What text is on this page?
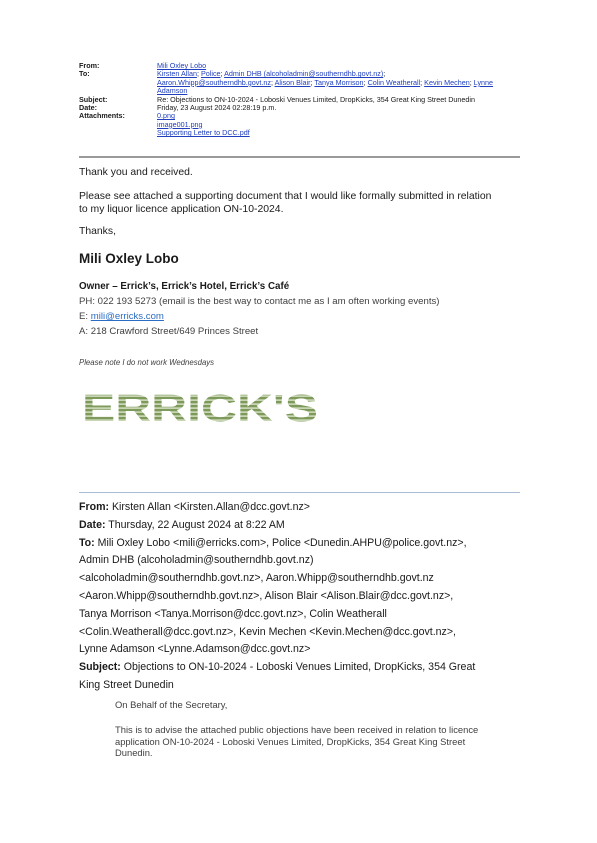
From:	Mili Oxley Lobo
To:	Kirsten Allan; Police; Admin DHB (alcoholadmin@southerndhb.govt.nz);
Aaron.Whipp@southerndhb.govt.nz; Alison Blair; Tanya Morrison; Colin Weatherall; Kevin Mechen; Lynne Adamson
Subject:	Re: Objections to ON-10-2024 - Loboski Venues Limited, DropKicks, 354 Great King Street Dunedin
Date:	Friday, 23 August 2024 02:28:19 p.m.
Attachments:	0.png
image001.png
Supporting Letter to DCC.pdf
Thank you and received.
Please see attached a supporting document that I would like formally submitted in relation
to my liquor licence application ON-10-2024.
Thanks,
Mili Oxley Lobo
Owner – Errick’s, Errick’s Hotel, Errick’s Café
PH: 022 193 5273 (email is the best way to contact me as I am often working events)
E: mili@erricks.com
A: 218 Crawford Street/649 Princes Street
Please note I do not work Wednesdays
ERRICK'S
From: Kirsten Allan <Kirsten.Allan@dcc.govt.nz>
Date: Thursday, 22 August 2024 at 8:22 AM
To: Mili Oxley Lobo <mili@erricks.com>, Police <Dunedin.AHPU@police.govt.nz>,
Admin DHB (alcoholadmin@southerndhb.govt.nz)
<alcoholadmin@southerndhb.govt.nz>, Aaron.Whipp@southerndhb.govt.nz
<Aaron.Whipp@southerndhb.govt.nz>, Alison Blair <Alison.Blair@dcc.govt.nz>,
Tanya Morrison <Tanya.Morrison@dcc.govt.nz>, Colin Weatherall
<Colin.Weatherall@dcc.govt.nz>, Kevin Mechen <Kevin.Mechen@dcc.govt.nz>,
Lynne Adamson <Lynne.Adamson@dcc.govt.nz>
Subject: Objections to ON-10-2024 - Loboski Venues Limited, DropKicks, 354 Great
King Street Dunedin
On Behalf of the Secretary,
This is to advise the attached public objections have been received in relation to licence
application ON-10-2024 - Loboski Venues Limited, DropKicks, 354 Great King Street
Dunedin.
